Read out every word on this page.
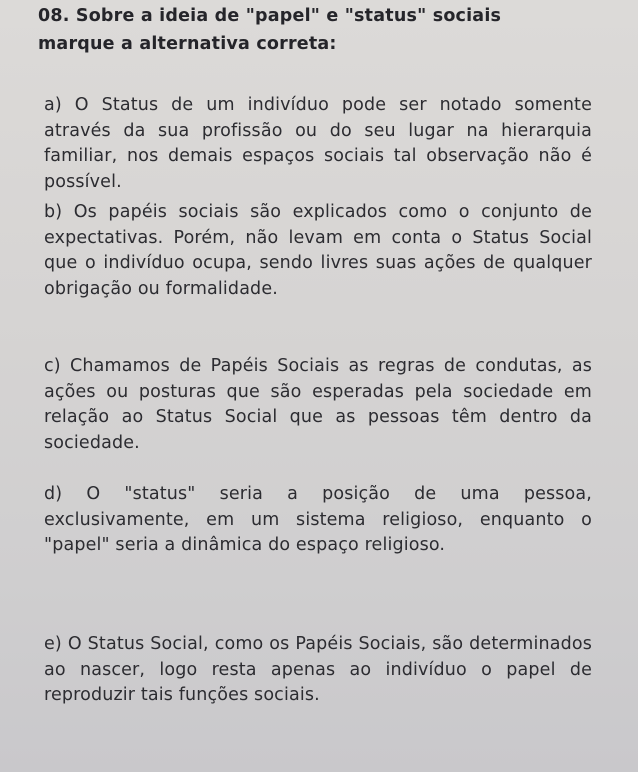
08. Sobre a ideia de "papel" e "status" sociais
marque a alternativa correta:

a) O Status de um indivíduo pode ser notado somente através da sua profissão ou do seu lugar na hierarquia familiar, nos demais espaços sociais tal observação não é possível.

b) Os papéis sociais são explicados como o conjunto de expectativas. Porém, não levam em conta o Status Social que o indivíduo ocupa, sendo livres suas ações de qualquer obrigação ou formalidade.

c) Chamamos de Papéis Sociais as regras de condutas, as ações ou posturas que são esperadas pela sociedade em relação ao Status Social que as pessoas têm dentro da sociedade.

d) O "status" seria a posição de uma pessoa, exclusivamente, em um sistema religioso, enquanto o "papel" seria a dinâmica do espaço religioso.

e) O Status Social, como os Papéis Sociais, são determinados ao nascer, logo resta apenas ao indivíduo o papel de reproduzir tais funções sociais.
